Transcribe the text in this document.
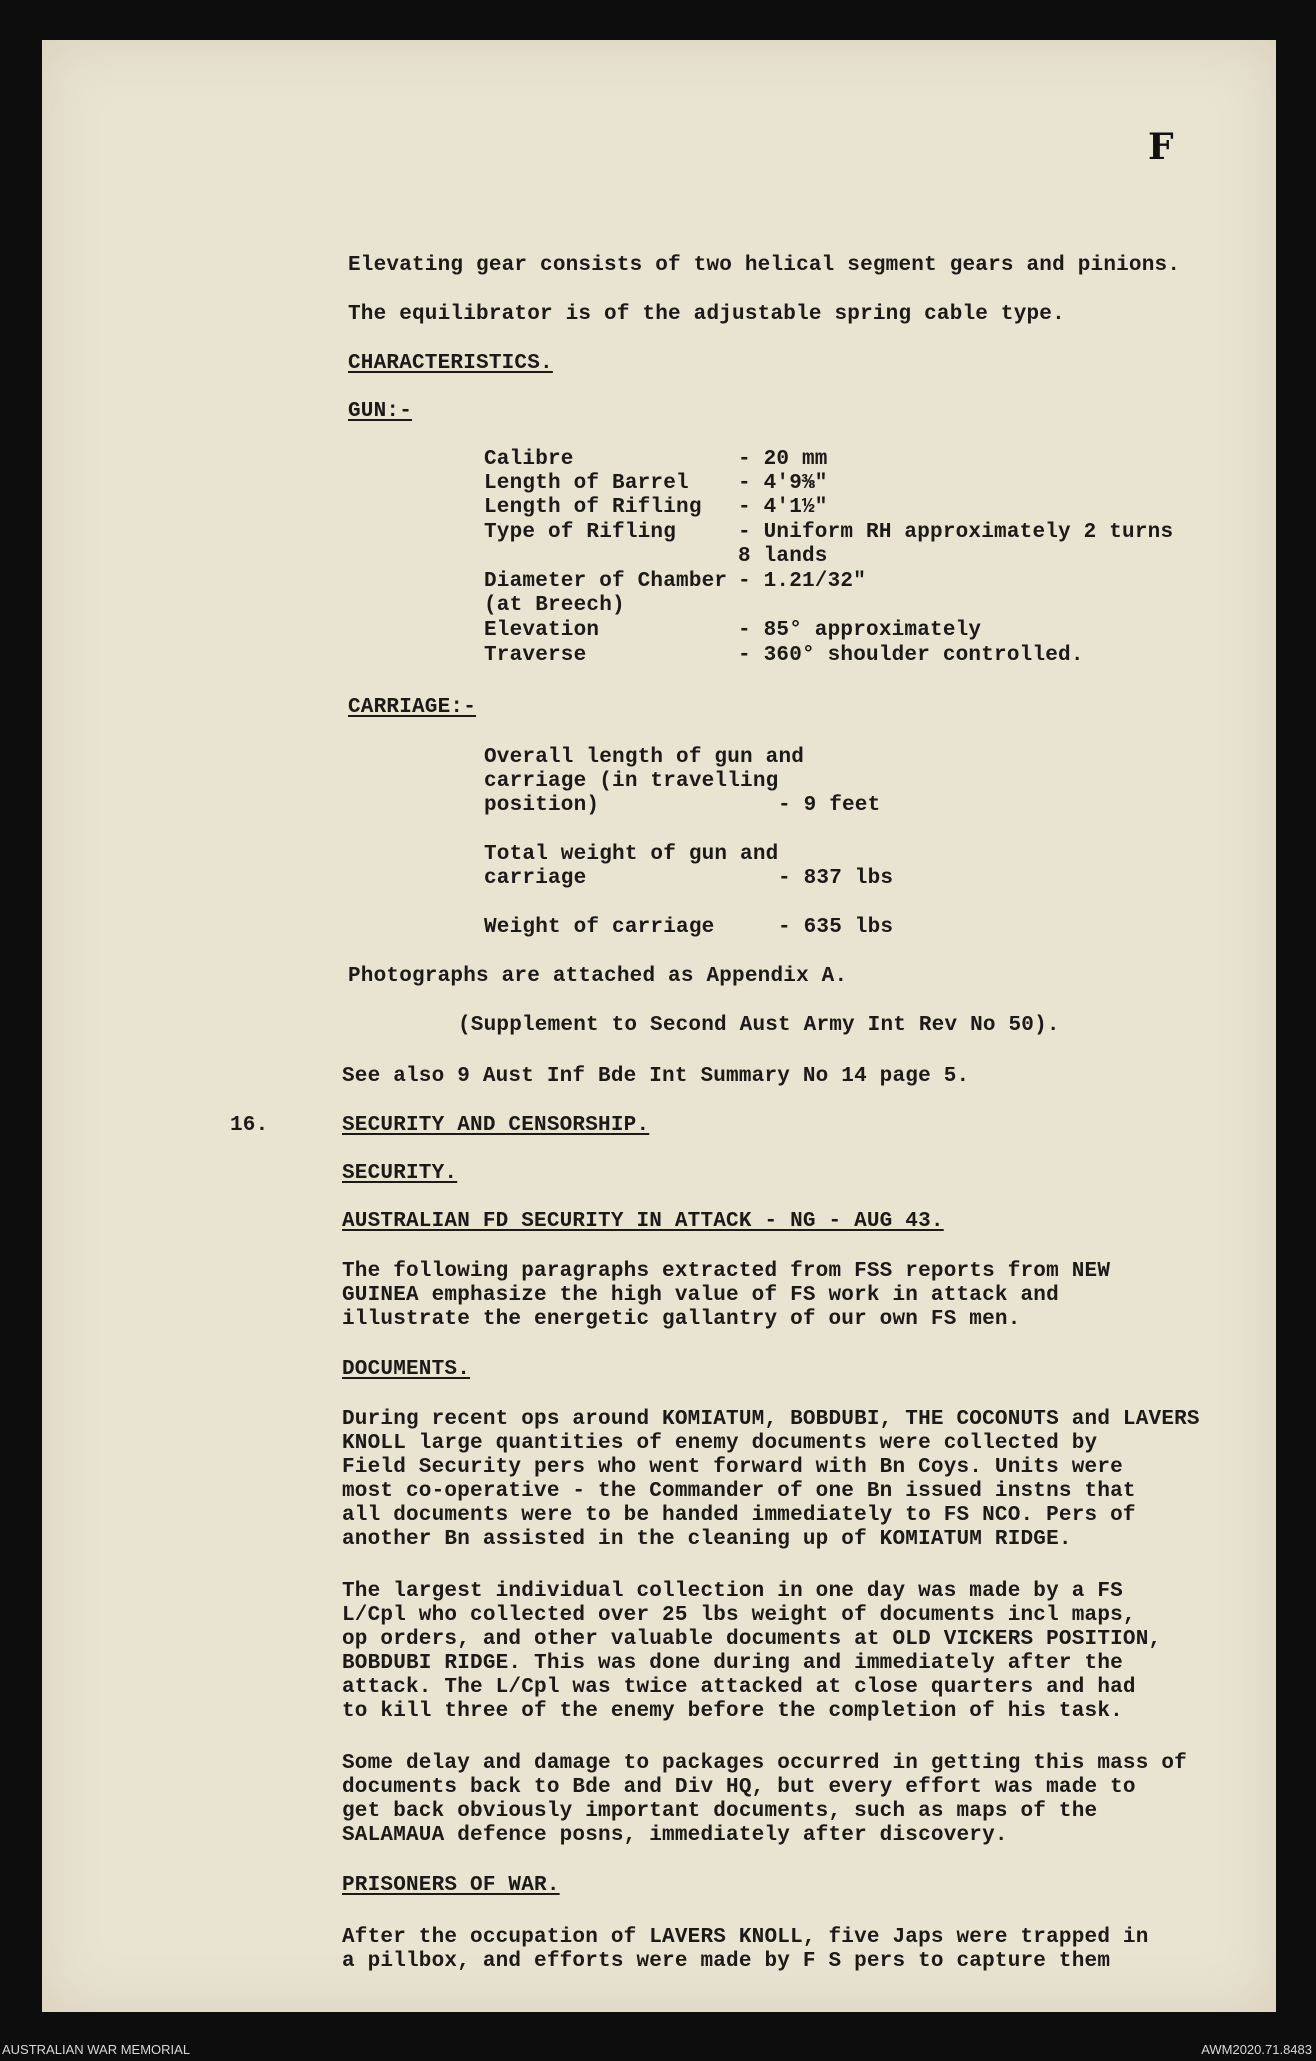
F
Elevating gear consists of two helical segment gears and pinions.
The equilibrator is of the adjustable spring cable type.
CHARACTERISTICS.
GUN:-
Calibre	- 20 mm
Length of Barrel - 4'9⅜"
Length of Rifling - 4'1½"
Type of Rifling	- Uniform RH approximately 2 turns
8 lands
Diameter of Chamber - 1.21/32"
(at Breech)
Elevation	- 85° approximately
Traverse	- 360° shoulder controlled.
CARRIAGE:-
Overall length of gun and
carriage (in travelling
position)	- 9 feet
Total weight of gun and
carriage	- 837 lbs
Weight of carriage	- 635 lbs
Photographs are attached as Appendix A.
(Supplement to Second Aust Army Int Rev No 50).
See also 9 Aust Inf Bde Int Summary No 14 page 5.
16.	SECURITY AND CENSORSHIP.
SECURITY.
AUSTRALIAN FD SECURITY IN ATTACK - NG - AUG 43.
The following paragraphs extracted from FSS reports from NEW
GUINEA emphasize the high value of FS work in attack and
illustrate the energetic gallantry of our own FS men.
DOCUMENTS.
During recent ops around KOMIATUM, BOBDUBI, THE COCONUTS and LAVERS
KNOLL large quantities of enemy documents were collected by
Field Security pers who went forward with Bn Coys. Units were
most co-operative - the Commander of one Bn issued instns that
all documents were to be handed immediately to FS NCO. Pers of
another Bn assisted in the cleaning up of KOMIATUM RIDGE.
The largest individual collection in one day was made by a FS
L/Cpl who collected over 25 lbs weight of documents incl maps,
op orders, and other valuable documents at OLD VICKERS POSITION,
BOBDUBI RIDGE. This was done during and immediately after the
attack. The L/Cpl was twice attacked at close quarters and had
to kill three of the enemy before the completion of his task.
Some delay and damage to packages occurred in getting this mass of
documents back to Bde and Div HQ, but every effort was made to
get back obviously important documents, such as maps of the
SALAMAUA defence posns, immediately after discovery.
PRISONERS OF WAR.
After the occupation of LAVERS KNOLL, five Japs were trapped in
a pillbox, and efforts were made by F S pers to capture them
AUSTRALIAN WAR MEMORIAL	AWM2020.71.8483
